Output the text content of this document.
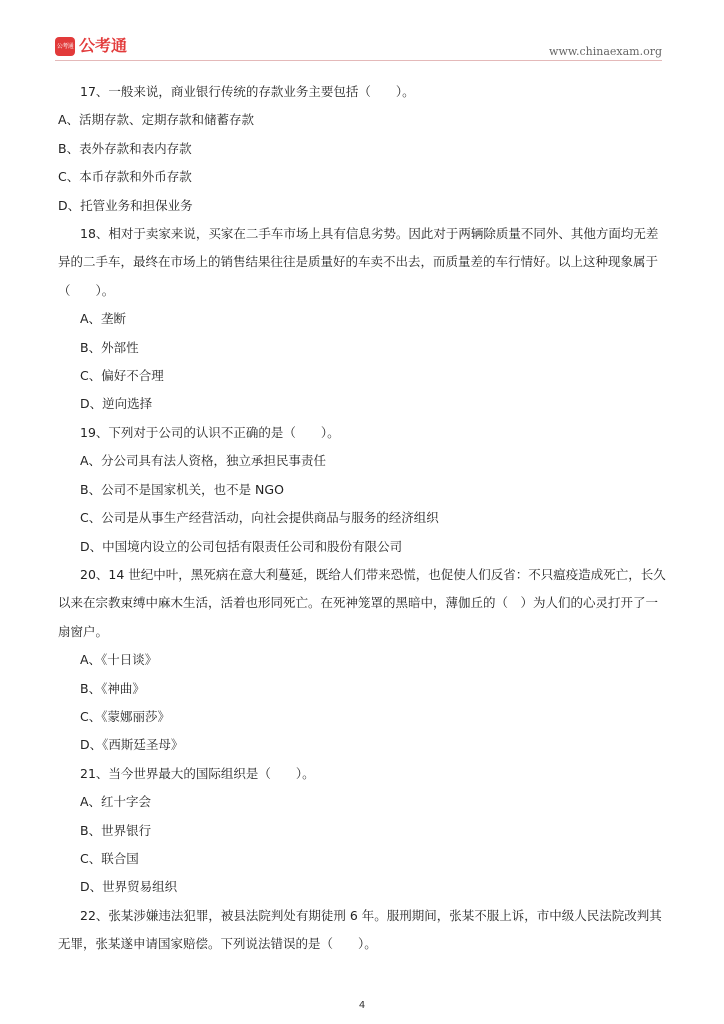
公考通 公考通	www.chinaexam.org
17、一般来说，商业银行传统的存款业务主要包括（　　）。
A、活期存款、定期存款和储蓄存款
B、表外存款和表内存款
C、本币存款和外币存款
D、托管业务和担保业务
18、相对于卖家来说，买家在二手车市场上具有信息劣势。因此对于两辆除质量不同外、其他方面均无差
异的二手车，最终在市场上的销售结果往往是质量好的车卖不出去，而质量差的车行情好。以上这种现象属于
（　　）。
A、垄断
B、外部性
C、偏好不合理
D、逆向选择
19、下列对于公司的认识不正确的是（　　）。
A、分公司具有法人资格，独立承担民事责任
B、公司不是国家机关，也不是 NGO
C、公司是从事生产经营活动，向社会提供商品与服务的经济组织
D、中国境内设立的公司包括有限责任公司和股份有限公司
20、14 世纪中叶，黑死病在意大利蔓延，既给人们带来恐慌，也促使人们反省：不只瘟疫造成死亡，长久
以来在宗教束缚中麻木生活，活着也形同死亡。在死神笼罩的黑暗中，薄伽丘的（　）为人们的心灵打开了一
扇窗户。
A、《十日谈》
B、《神曲》
C、《蒙娜丽莎》
D、《西斯廷圣母》
21、当今世界最大的国际组织是（　　）。
A、红十字会
B、世界银行
C、联合国
D、世界贸易组织
22、张某涉嫌违法犯罪，被县法院判处有期徒刑 6 年。服刑期间，张某不服上诉，市中级人民法院改判其
无罪，张某遂申请国家赔偿。下列说法错误的是（　　）。
4
